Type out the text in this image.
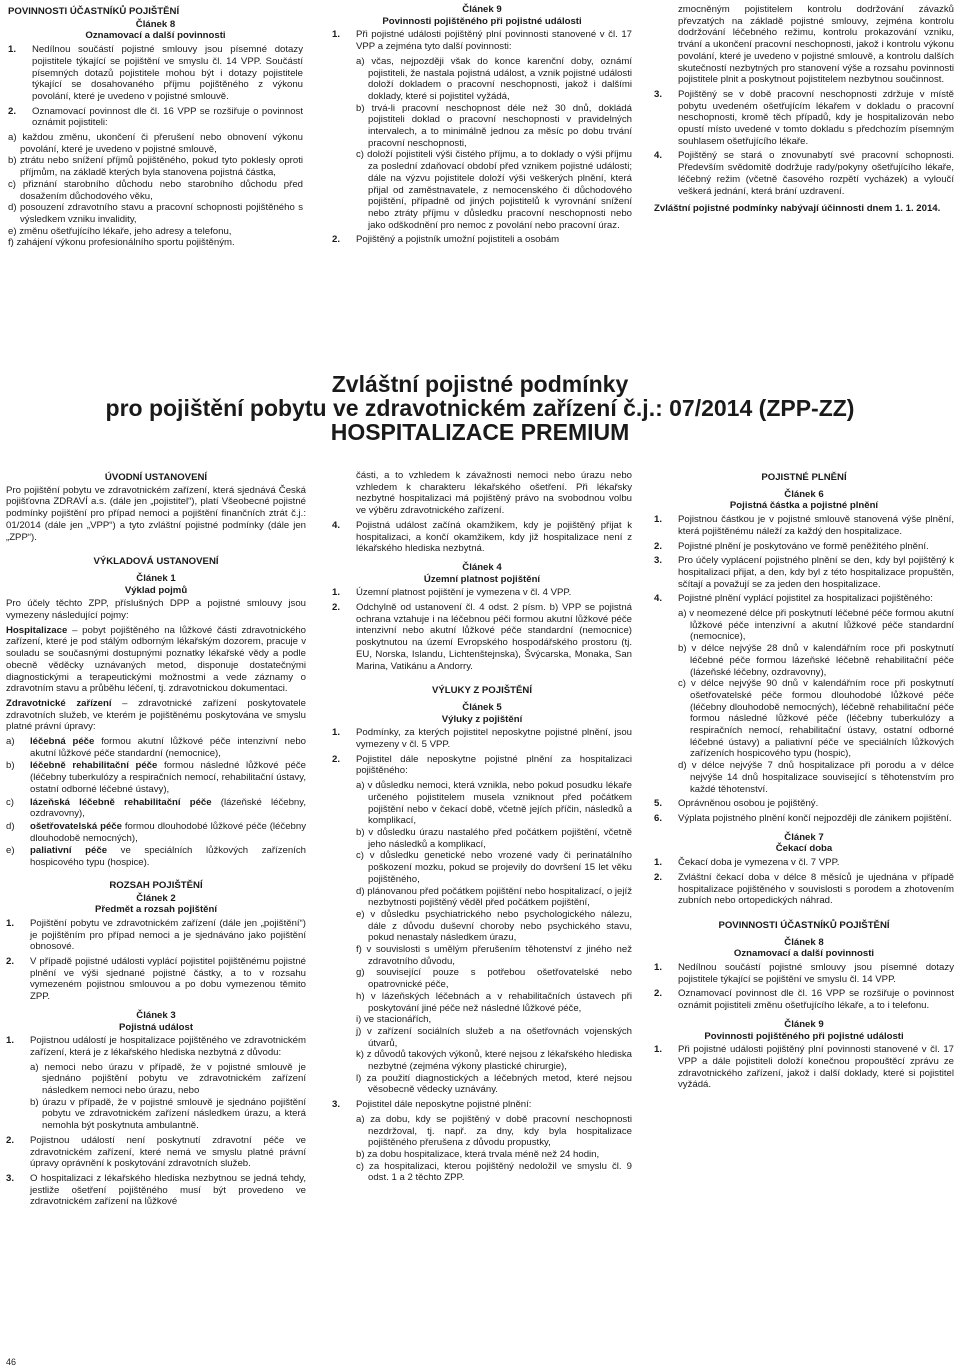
POVINNOSTI ÚČASTNÍKŮ POJIŠTĚNÍ
Článek 8
Oznamovací a další povinnosti
1.	Nedílnou součástí pojistné smlouvy jsou písemné dotazy pojistitele týkající se pojištění ve smyslu čl. 14 VPP. Součástí písemných dotazů pojistitele mohou být i dotazy pojistitele týkající se dosahovaného příjmu pojištěného z výkonu povolání, které je uvedeno v pojistné smlouvě.
2.	Oznamovací povinnost dle čl. 16 VPP se rozšiřuje o povinnost oznámit pojistiteli:
a) každou změnu, ukončení či přerušení nebo obnovení výkonu povolání, které je uvedeno v pojistné smlouvě,
b) ztrátu nebo snížení příjmů pojištěného, pokud tyto poklesly oproti příjmům, na základě kterých byla stanovena pojistná částka,
c) přiznání starobního důchodu nebo starobního důchodu před dosažením důchodového věku,
d) posouzení zdravotního stavu a pracovní schopnosti pojištěného s výsledkem vzniku invalidity,
e) změnu ošetřujícího lékaře, jeho adresy a telefonu,
f) zahájení výkonu profesionálního sportu pojištěným.
Článek 9
Povinnosti pojištěného při pojistné události
1.	Při pojistné události pojištěný plní povinnosti stanovené v čl. 17 VPP a zejména tyto další povinnosti:
a) včas, nejpozději však do konce karenční doby, oznámí pojistiteli, že nastala pojistná událost, a vznik pojistné události doloží dokladem o pracovní neschopnosti, jakož i dalšími doklady, které si pojistitel vyžádá,
b) trvá-li pracovní neschopnost déle než 30 dnů, dokládá pojistiteli doklad o pracovní neschopnosti v pravidelných intervalech, a to minimálně jednou za měsíc po dobu trvání pracovní neschopnosti,
c) doloží pojistiteli výši čistého příjmu, a to doklady o výši příjmu za poslední zdaňovací období před vznikem pojistné události; dále na výzvu pojistitele doloží výši veškerých plnění, která přijal od zaměstnavatele, z nemocenského či důchodového pojištění, případně od jiných pojistitelů k vyrovnání snížení nebo ztráty příjmu v důsledku pracovní neschopnosti nebo jako odškodnění pro nemoc z povolání nebo pracovní úraz.
2.	Pojištěný a pojistník umožní pojistiteli a osobám

zmocněným pojistitelem kontrolu dodržování závazků převzatých na základě pojistné smlouvy, zejména kontrolu dodržování léčebného režimu, kontrolu prokazování vzniku, trvání a ukončení pracovní neschopnosti, jakož i kontrolu výkonu povolání, které je uvedeno v pojistné smlouvě, a kontrolu dalších skutečností nezbytných pro stanovení výše a rozsahu povinnosti pojistitele plnit a poskytnout pojistitelem nezbytnou součinnost.

3.	Pojištěný se v době pracovní neschopnosti zdržuje v místě pobytu uvedeném ošetřujícím lékařem v dokladu o pracovní neschopnosti, kromě těch případů, kdy je hospitalizován nebo opustí místo uvedené v tomto dokladu s předchozím písemným souhlasem ošetřujícího lékaře.
4.	Pojištěný se stará o znovunabytí své pracovní schopnosti. Především svědomitě dodržuje rady/pokyny ošetřujícího lékaře, léčebný režim (včetně časového rozpětí vycházek) a vyloučí veškerá jednání, která brání uzdravení.
Zvláštní pojistné podmínky nabývají účinnosti dnem 1. 1. 2014.
Zvláštní pojistné podmínky
pro pojištění pobytu ve zdravotnickém zařízení č.j.: 07/2014 (ZPP-ZZ)
HOSPITALIZACE PREMIUM
ÚVODNÍ USTANOVENÍ

Pro pojištění pobytu ve zdravotnickém zařízení, která sjednává Česká pojišťovna ZDRAVÍ a.s. (dále jen „pojistitel“), platí Všeobecné pojistné podmínky pojištění pro případ nemoci a pojištění finančních ztrát č.j.: 01/2014 (dále jen „VPP“) a tyto zvláštní pojistné podmínky (dále jen „ZPP“).

VÝKLADOVÁ USTANOVENÍ
Článek 1
Výklad pojmů

Pro účely těchto ZPP, příslušných DPP a pojistné smlouvy jsou vymezeny následující pojmy:

Hospitalizace – pobyt pojištěného na lůžkové části zdravotnického zařízení, které je pod stálým odborným lékařským dozorem, pracuje v souladu se současnými dostupnými poznatky lékařské vědy a podle obecně věděcky uznávaných metod, disponuje dostatečnými diagnostickými a terapeutickými možnostmi a vede záznamy o zdravotním stavu a průběhu léčení, tj. zdravotnickou dokumentaci.

Zdravotnické zařízení – zdravotnické zařízení poskytovatele zdravotních služeb, ve kterém je pojištěnému poskytována ve smyslu platné právní úpravy:

a)	léčebná péče formou akutní lůžkové péče intenzivní nebo akutní lůžkové péče standardní (nemocnice),
b)	léčebně rehabilitační péče formou následné lůžkové péče (léčebny tuberkulózy a respiračních nemocí, rehabilitační ústavy, ostatní odborné léčebné ústavy),
c)	lázeňská léčebně rehabilitační péče (lázeňské léčebny, ozdravovny),
d)	ošetřovatelská péče formou dlouhodobé lůžkové péče (léčebny dlouhodobě nemocných),
e)	paliativní péče ve speciálních lůžkových zařízeních hospicového typu (hospice).
ROZSAH POJIŠTĚNÍ
Článek 2
Předmět a rozsah pojištění
1.	Pojištění pobytu ve zdravotnickém zařízení (dále jen „pojištění“) je pojištěním pro případ nemoci a je sjednáváno jako pojištění obnosové.
2.	V případě pojistné události vyplácí pojistitel pojištěnému pojistné plnění ve výši sjednané pojistné částky, a to v rozsahu vymezeném pojistnou smlouvou a po dobu vymezenou těmito ZPP.
Článek 3
Pojistná událost
1.	Pojistnou událostí je hospitalizace pojištěného ve zdravotnickém zařízení, která je z lékařského hlediska nezbytná z důvodu:
a) nemoci nebo úrazu v případě, že v pojistné smlouvě je sjednáno pojištění pobytu ve zdravotnickém zařízení následkem nemoci nebo úrazu, nebo
b) úrazu v případě, že v pojistné smlouvě je sjednáno pojištění pobytu ve zdravotnickém zařízení následkem úrazu, a která nemohla být poskytnuta ambulantně.
2.	Pojistnou událostí není poskytnutí zdravotní péče ve zdravotnickém zařízení, které nemá ve smyslu platné právní úpravy oprávnění k poskytování zdravotních služeb.
3.	O hospitalizaci z lékařského hlediska nezbytnou se jedná tehdy, jestliže ošetření pojištěného musí být provedeno ve zdravotnickém zařízení na lůžkové

části, a to vzhledem k závažnosti nemoci nebo úrazu nebo vzhledem k charakteru lékařského ošetření. Při lékařsky nezbytné hospitalizaci má pojištěný právo na svobodnou volbu ve výběru zdravotnického zařízení.

4.	Pojistná událost začíná okamžikem, kdy je pojištěný přijat k hospitalizaci, a končí okamžikem, kdy již hospitalizace není z lékařského hlediska nezbytná.
Článek 4
Územní platnost pojištění
1.	Územní platnost pojištění je vymezena v čl. 4 VPP.
2.	Odchylně od ustanovení čl. 4 odst. 2 písm. b) VPP se pojistná ochrana vztahuje i na léčebnou péči formou akutní lůžkové péče intenzivní nebo akutní lůžkové péče standardní (nemocnice) poskytnutou na území Evropského hospodářského prostoru (tj. EU, Norska, Islandu, Lichtenštejnska), Švýcarska, Monaka, San Marina, Vatikánu a Andorry.
VÝLUKY Z POJIŠTĚNÍ
Článek 5
Výluky z pojištění
1.	Podmínky, za kterých pojistitel neposkytne pojistné plnění, jsou vymezeny v čl. 5 VPP.
2.	Pojistitel dále neposkytne pojistné plnění za hospitalizaci pojištěného:
a) v důsledku nemoci, která vznikla, nebo pokud posudku lékaře určeného pojistitelem musela vzniknout před počátkem pojištění nebo v čekací době, včetně jejích příčin, následků a komplikací,
b) v důsledku úrazu nastalého před počátkem pojištění, včetně jeho následků a komplikací,
c) v důsledku genetické nebo vrozené vady či perinatálního poškození mozku, pokud se projevily do dovršení 15 let věku pojištěného,
d) plánovanou před počátkem pojištění nebo hospitalizací, o jejíž nezbytnosti pojištěný věděl před počátkem pojištění,
e) v důsledku psychiatrického nebo psychologického nálezu, dále z důvodu duševní choroby nebo psychického stavu, pokud nenastaly následkem úrazu,
f) v souvislosti s umělým přerušením těhotenství z jiného než zdravotního důvodu,
g) související pouze s potřebou ošetřovatelské nebo opatrovnické péče,
h) v lázeňských léčebnách a v rehabilitačních ústavech při poskytování jiné péče než následné lůžkové péče,
i) ve stacionářích,
j) v zařízení sociálních služeb a na ošetřovnách vojenských útvarů,
k) z důvodů takových výkonů, které nejsou z lékařského hlediska nezbytné (zejména výkony plastické chirurgie),
l) za použití diagnostických a léčebných metod, které nejsou věsobecně vědecky uznávány.
3.	Pojistitel dále neposkytne pojistné plnění:
a) za dobu, kdy se pojištěný v době pracovní neschopnosti nezdržoval, tj. např. za dny, kdy byla hospitalizace pojištěného přerušena z důvodu propustky,
b) za dobu hospitalizace, která trvala méně než 24 hodin,
c) za hospitalizaci, kterou pojištěný nedoložil ve smyslu čl. 9 odst. 1 a 2 těchto ZPP.
POJISTNÉ PLNĚNÍ
Článek 6
Pojistná částka a pojistné plnění
1.	Pojistnou částkou je v pojistné smlouvě stanovená výše plnění, která pojištěnému náleží za každý den hospitalizace.
2.	Pojistné plnění je poskytováno ve formě peněžitého plnění.
3.	Pro účely vyplácení pojistného plnění se den, kdy byl pojištěný k hospitalizaci přijat, a den, kdy byl z této hospitalizace propuštěn, sčítají a považují se za jeden den hospitalizace.
4.	Pojistné plnění vyplácí pojistitel za hospitalizaci pojištěného:
a) v neomezené délce při poskytnutí léčebné péče formou akutní lůžkové péče intenzivní a akutní lůžkové péče standardní (nemocnice),
b) v délce nejvýše 28 dnů v kalendářním roce při poskytnutí léčebné péče formou lázeňské léčebně rehabilitační péče (lázeňské léčebny, ozdravovny),
c) v délce nejvýše 90 dnů v kalendářním roce při poskytnutí ošetřovatelské péče formou dlouhodobé lůžkové péče (léčebny dlouhodobě nemocných), léčebně rehabilitační péče formou následné lůžkové péče (léčebny tuberkulózy a respiračních nemocí, rehabilitační ústavy, ostatní odborné léčebné ústavy) a paliativní péče ve speciálních lůžkových zařízeních hospicového typu (hospic),
d) v délce nejvýše 7 dnů hospitalizace při porodu a v délce nejvýše 14 dnů hospitalizace související s těhotenstvím pro každé těhotenství.
5.	Oprávněnou osobou je pojištěný.
6.	Výplata pojistného plnění končí nejpozději dle zánikem pojištění.
Článek 7
Čekací doba
1.	Čekací doba je vymezena v čl. 7 VPP.
2.	Zvláštní čekací doba v délce 8 měsíců je ujednána v případě hospitalizace pojištěného v souvislosti s porodem a zhotovením zubních nebo ortopedických náhrad.
POVINNOSTI ÚČASTNÍKŮ POJIŠTĚNÍ
Článek 8
Oznamovací a další povinnosti
1.	Nedílnou součástí pojistné smlouvy jsou písemné dotazy pojistitele týkající se pojištění ve smyslu čl. 14 VPP.
2.	Oznamovací povinnost dle čl. 16 VPP se rozšiřuje o povinnost oznámit pojistiteli změnu ošetřujícího lékaře, a to i telefonu.
Článek 9
Povinnosti pojištěného při pojistné události
1.	Při pojistné události pojištěný plní povinnosti stanovené v čl. 17 VPP a dále pojistiteli doloží konečnou propouštěcí zprávu ze zdravotnického zařízení, jakož i další doklady, které si pojistitel vyžádá.
46
